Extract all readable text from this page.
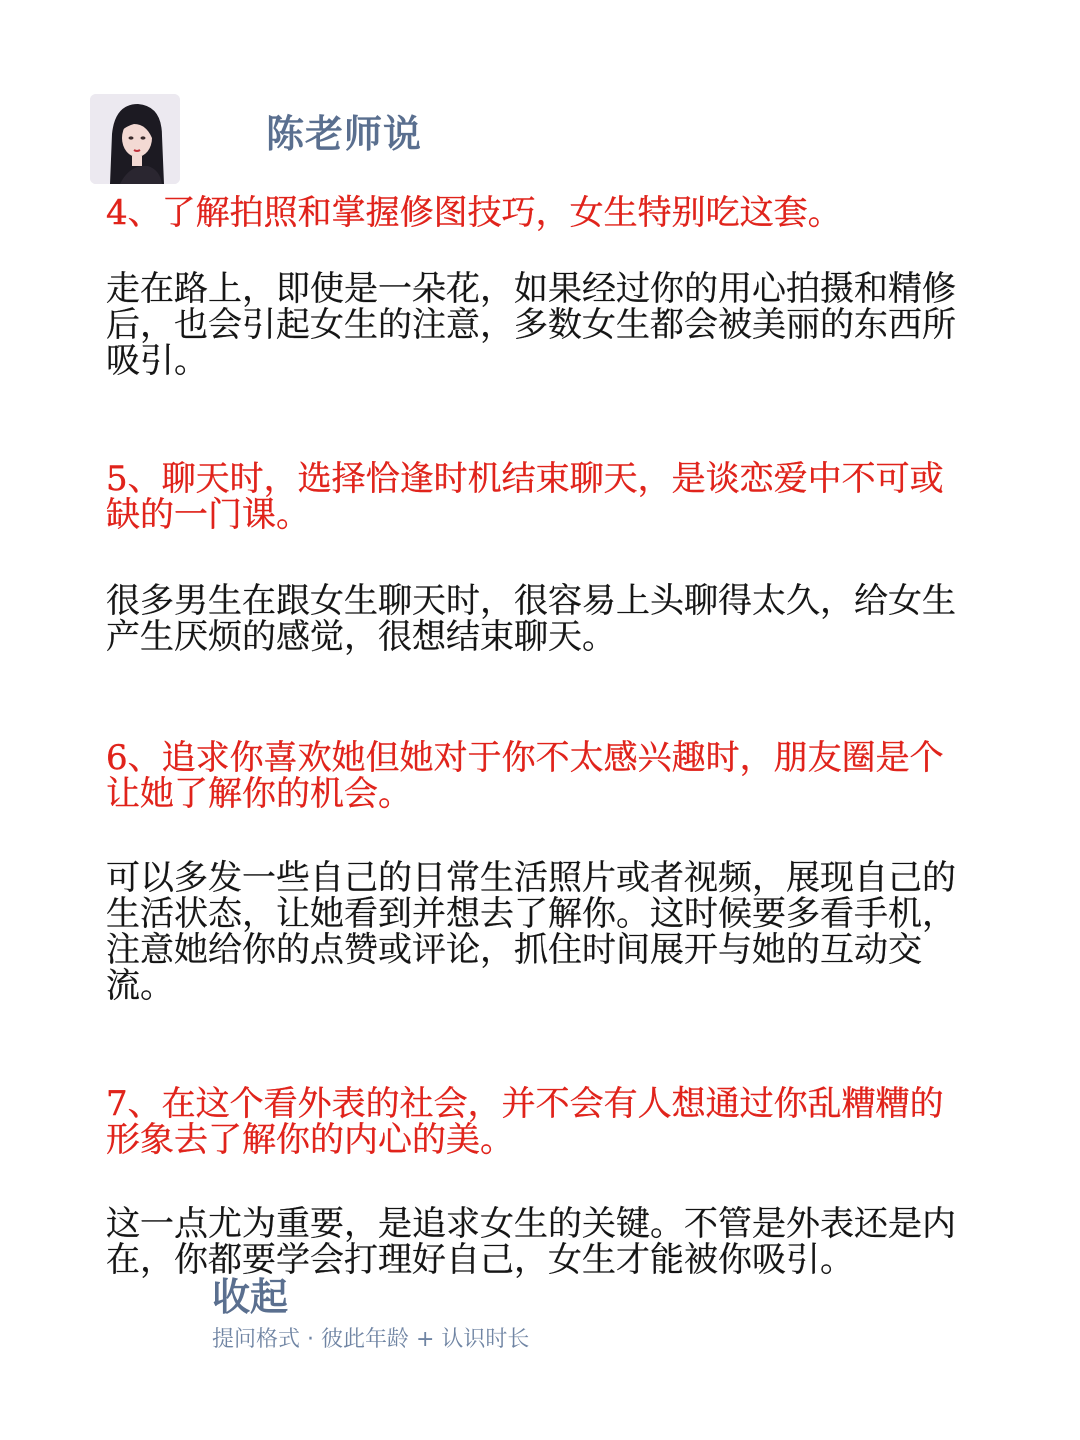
陈老师说
4、了解拍照和掌握修图技巧，女生特别吃这套。

走在路上，即使是一朵花，如果经过你的用心拍摄和精修后，也会引起女生的注意，多数女生都会被美丽的东西所吸引。

5、聊天时，选择恰逢时机结束聊天，是谈恋爱中不可或缺的一门课。

很多男生在跟女生聊天时，很容易上头聊得太久，给女生产生厌烦的感觉，很想结束聊天。

6、追求你喜欢她但她对于你不太感兴趣时，朋友圈是个让她了解你的机会。

可以多发一些自己的日常生活照片或者视频，展现自己的生活状态，让她看到并想去了解你。这时候要多看手机，注意她给你的点赞或评论，抓住时间展开与她的互动交流。

7、在这个看外表的社会，并不会有人想通过你乱糟糟的形象去了解你的内心的美。

这一点尤为重要，是追求女生的关键。不管是外表还是内在，你都要学会打理好自己，女生才能被你吸引。

收起
提问格式 · 彼此年龄 + 认识时长
